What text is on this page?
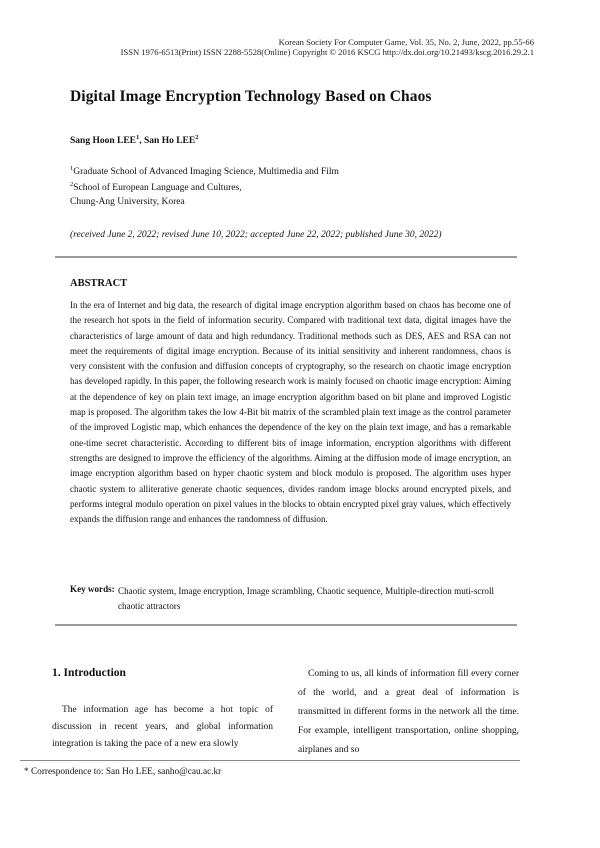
Korean Society For Computer Game, Vol. 35, No. 2, June, 2022, pp.55-66
ISSN 1976-6513(Print) ISSN 2288-5528(Online) Copyright © 2016 KSCG http://dx.doi.org/10.21493/kscg.2016.29.2.1
Digital Image Encryption Technology Based on Chaos
Sang Hoon LEE$^1$, San Ho LEE$^2$
$^1$Graduate School of Advanced Imaging Science, Multimedia and Film
$^2$School of European Language and Cultures,
Chung-Ang University, Korea
(received June 2, 2022; revised June 10, 2022; accepted June 22, 2022; published June 30, 2022)
ABSTRACT
In the era of Internet and big data, the research of digital image encryption algorithm based on chaos has become one of the research hot spots in the field of information security. Compared with traditional text data, digital images have the characteristics of large amount of data and high redundancy. Traditional methods such as DES, AES and RSA can not meet the requirements of digital image encryption. Because of its initial sensitivity and inherent randomness, chaos is very consistent with the confusion and diffusion concepts of cryptography, so the research on chaotic image encryption has developed rapidly. In this paper, the following research work is mainly focused on chaotic image encryption: Aiming at the dependence of key on plain text image, an image encryption algorithm based on bit plane and improved Logistic map is proposed. The algorithm takes the low 4-Bit bit matrix of the scrambled plain text image as the control parameter of the improved Logistic map, which enhances the dependence of the key on the plain text image, and has a remarkable one-time secret characteristic. According to different bits of image information, encryption algorithms with different strengths are designed to improve the efficiency of the algorithms. Aiming at the diffusion mode of image encryption, an image encryption algorithm based on hyper chaotic system and block modulo is proposed. The algorithm uses hyper chaotic system to alliterative generate chaotic sequences, divides random image blocks around encrypted pixels, and performs integral modulo operation on pixel values in the blocks to obtain encrypted pixel gray values, which effectively expands the diffusion range and enhances the randomness of diffusion.
Key words: Chaotic system, Image encryption, Image scrambling, Chaotic sequence, Multiple-direction muti-scroll chaotic attractors
1. Introduction
The information age has become a hot topic of discussion in recent years, and global information integration is taking the pace of a new era slowly
Coming to us, all kinds of information fill every corner of the world, and a great deal of information is transmitted in different forms in the network all the time. For example, intelligent transportation, online shopping, airplanes and so
* Correspondence to: San Ho LEE, sanho@cau.ac.kr
